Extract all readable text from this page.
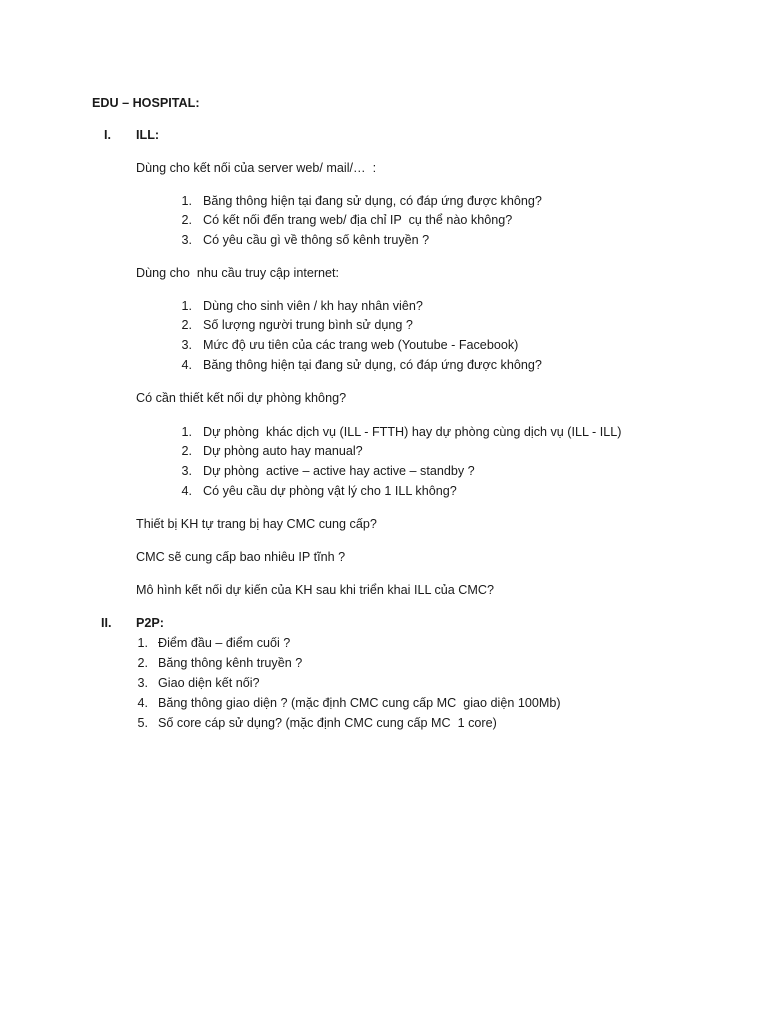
EDU – HOSPITAL:
I. ILL:
Dùng cho kết nối của server web/ mail/…  :
1. Băng thông hiện tại đang sử dụng, có đáp ứng được không?
2. Có kết nối đến trang web/ địa chỉ IP  cụ thể nào không?
3. Có yêu cầu gì về thông số kênh truyền ?
Dùng cho  nhu cầu truy cập internet:
1. Dùng cho sinh viên / kh hay nhân viên?
2. Số lượng người trung bình sử dụng ?
3. Mức độ ưu tiên của các trang web (Youtube - Facebook)
4. Băng thông hiện tại đang sử dụng, có đáp ứng được không?
Có cần thiết kết nối dự phòng không?
1. Dự phòng  khác dịch vụ (ILL - FTTH) hay dự phòng cùng dịch vụ (ILL - ILL)
2. Dự phòng auto hay manual?
3. Dự phòng  active – active hay active – standby ?
4. Có yêu cầu dự phòng vật lý cho 1 ILL không?
Thiết bị KH tự trang bị hay CMC cung cấp?
CMC sẽ cung cấp bao nhiêu IP tĩnh ?
Mô hình kết nối dự kiến của KH sau khi triển khai ILL của CMC?
II. P2P:
1. Điểm đầu – điểm cuối ?
2. Băng thông kênh truyền ?
3. Giao diện kết nối?
4. Băng thông giao diện ? (mặc định CMC cung cấp MC  giao diện 100Mb)
5. Số core cáp sử dụng? (mặc định CMC cung cấp MC  1 core)
